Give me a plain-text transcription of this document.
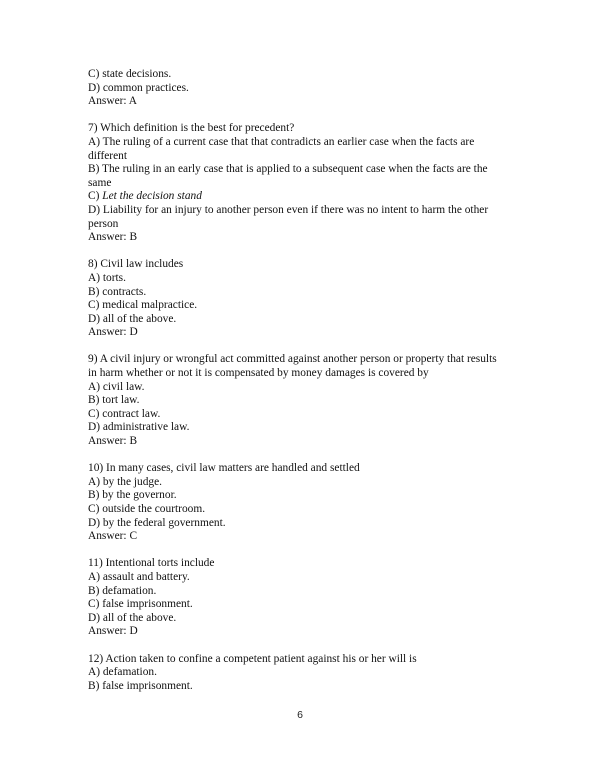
C) state decisions.
D) common practices.
Answer: A
7) Which definition is the best for precedent?
A) The ruling of a current case that that contradicts an earlier case when the facts are
different
B) The ruling in an early case that is applied to a subsequent case when the facts are the
same
C) Let the decision stand
D) Liability for an injury to another person even if there was no intent to harm the other
person
Answer: B
8) Civil law includes
A) torts.
B) contracts.
C) medical malpractice.
D) all of the above.
Answer: D
9) A civil injury or wrongful act committed against another person or property that results
in harm whether or not it is compensated by money damages is covered by
A) civil law.
B) tort law.
C) contract law.
D) administrative law.
Answer: B
10) In many cases, civil law matters are handled and settled
A) by the judge.
B) by the governor.
C) outside the courtroom.
D) by the federal government.
Answer: C
11) Intentional torts include
A) assault and battery.
B) defamation.
C) false imprisonment.
D) all of the above.
Answer: D
12) Action taken to confine a competent patient against his or her will is
A) defamation.
B) false imprisonment.
6
